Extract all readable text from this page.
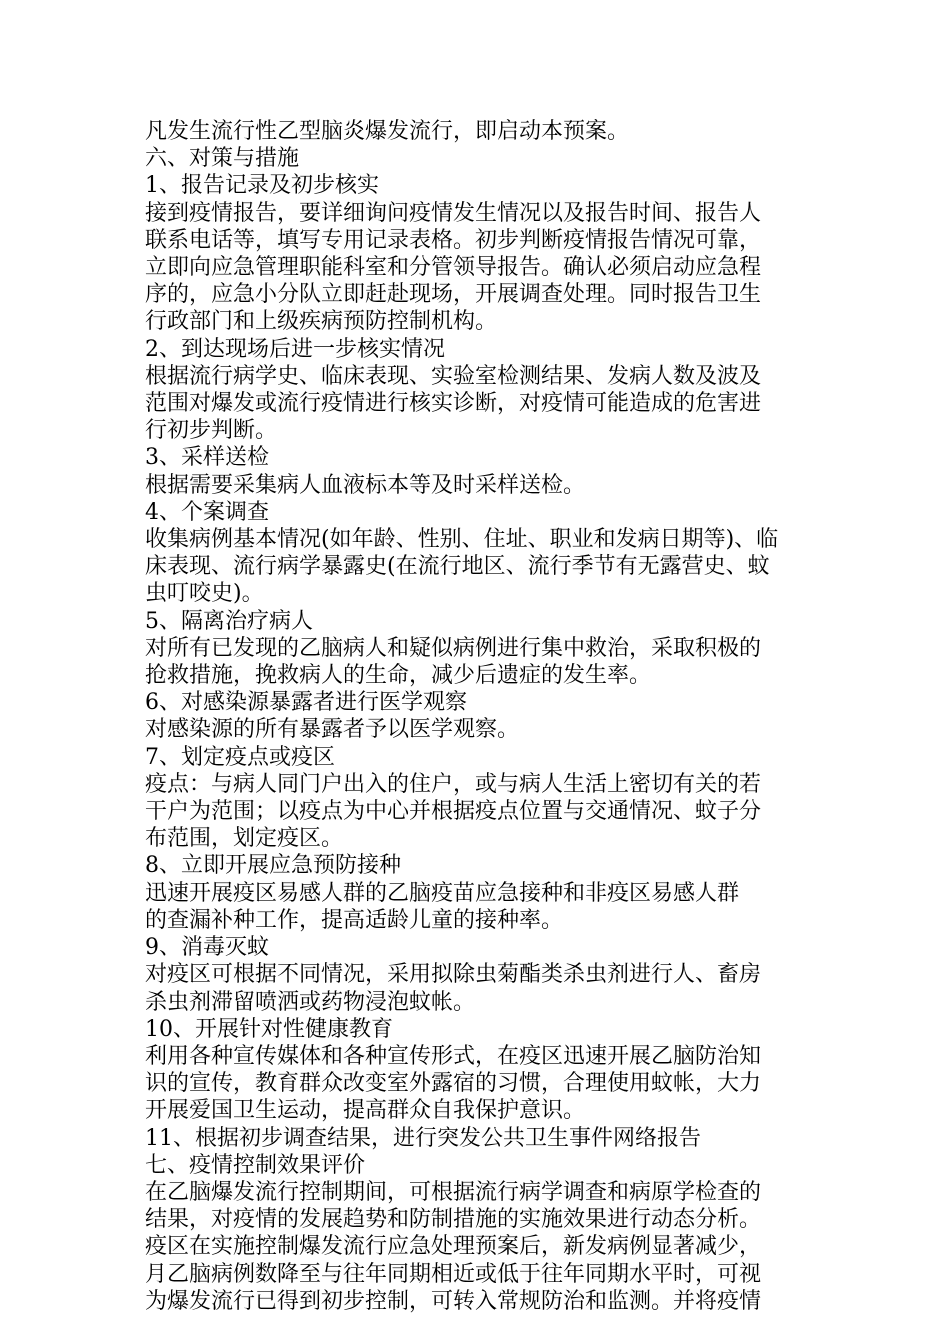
凡发生流行性乙型脑炎爆发流行，即启动本预案。
六、对策与措施
1、报告记录及初步核实
接到疫情报告，要详细询问疫情发生情况以及报告时间、报告人
联系电话等，填写专用记录表格。初步判断疫情报告情况可靠，
立即向应急管理职能科室和分管领导报告。确认必须启动应急程
序的，应急小分队立即赶赴现场，开展调查处理。同时报告卫生
行政部门和上级疾病预防控制机构。
2、到达现场后进一步核实情况
根据流行病学史、临床表现、实验室检测结果、发病人数及波及
范围对爆发或流行疫情进行核实诊断，对疫情可能造成的危害进
行初步判断。
3、采样送检
根据需要采集病人血液标本等及时采样送检。
4、个案调查
收集病例基本情况(如年龄、性别、住址、职业和发病日期等)、临
床表现、流行病学暴露史(在流行地区、流行季节有无露营史、蚊
虫叮咬史)。
5、隔离治疗病人
对所有已发现的乙脑病人和疑似病例进行集中救治，采取积极的
抢救措施，挽救病人的生命，减少后遗症的发生率。
6、对感染源暴露者进行医学观察
对感染源的所有暴露者予以医学观察。
7、划定疫点或疫区
疫点：与病人同门户出入的住户，或与病人生活上密切有关的若
干户为范围；以疫点为中心并根据疫点位置与交通情况、蚊子分
布范围，划定疫区。
8、立即开展应急预防接种
迅速开展疫区易感人群的乙脑疫苗应急接种和非疫区易感人群
的查漏补种工作，提高适龄儿童的接种率。
9、消毒灭蚊
对疫区可根据不同情况，采用拟除虫菊酯类杀虫剂进行人、畜房
杀虫剂滞留喷洒或药物浸泡蚊帐。
10、开展针对性健康教育
利用各种宣传媒体和各种宣传形式，在疫区迅速开展乙脑防治知
识的宣传，教育群众改变室外露宿的习惯，合理使用蚊帐，大力
开展爱国卫生运动，提高群众自我保护意识。
11、根据初步调查结果，进行突发公共卫生事件网络报告
七、疫情控制效果评价
在乙脑爆发流行控制期间，可根据流行病学调查和病原学检查的
结果，对疫情的发展趋势和防制措施的实施效果进行动态分析。
疫区在实施控制爆发流行应急处理预案后，新发病例显著减少，
月乙脑病例数降至与往年同期相近或低于往年同期水平时，可视
为爆发流行已得到初步控制，可转入常规防治和监测。并将疫情
